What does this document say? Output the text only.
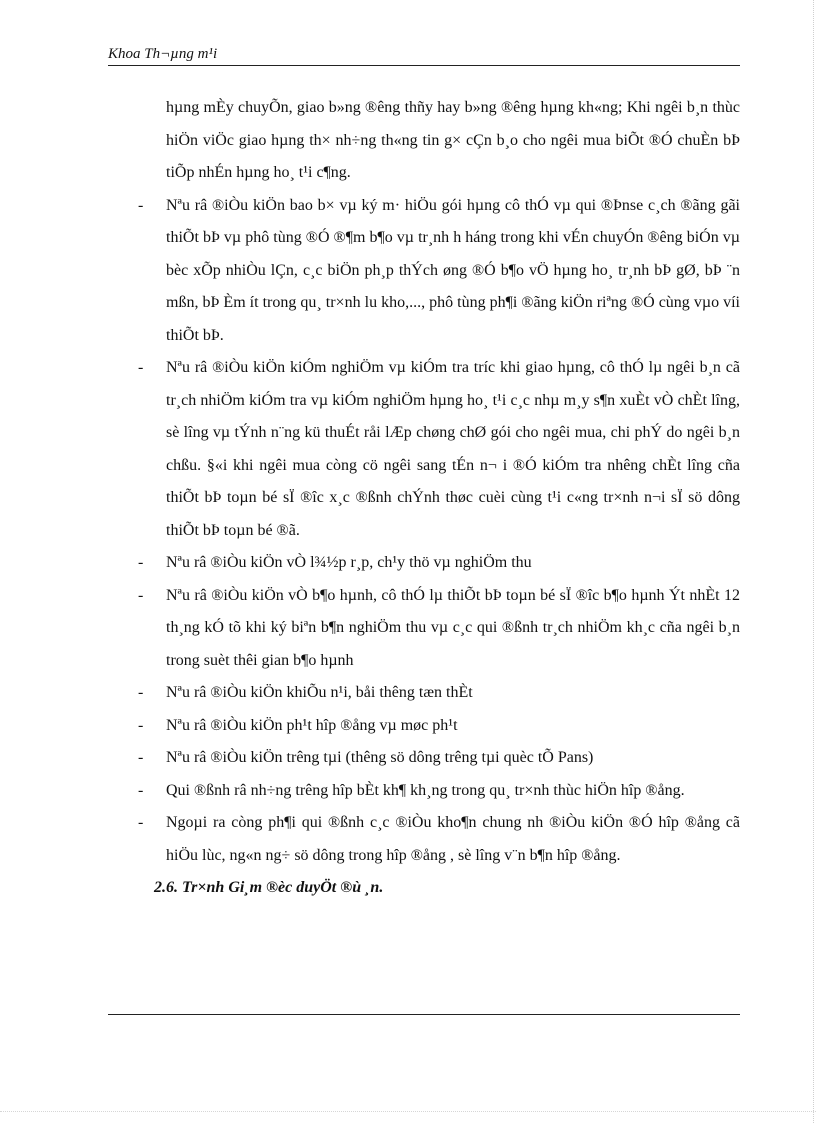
Khoa Th¬µng m¹i

hµng mÈy chuyÕn, giao b»ng ®êng thñy hay b»ng ®êng hµng kh«ng; Khi ngêi b¸n thùc hiÖn viÖc giao hµng th× nh÷ng th«ng tin g× cÇn b¸o cho ngêi mua biÕt ®Ó chuÈn bÞ tiÕp nhÉn hµng ho¸ t¹i c¶ng.

-	Nªu râ ®iÒu kiÖn bao b× vµ ký m· hiÖu gói hµng cô thÓ vµ qui ®Þnse c¸ch ®ãng gãi thiÕt bÞ vµ phô tùng ®Ó ®¶m b¶o vµ tr¸nh h háng trong khi vÉn chuyÓn ®êng biÓn vµ bèc xÕp nhiÒu lÇn, c¸c biÖn ph¸p thÝch øng ®Ó b¶o vÖ hµng ho¸ tr¸nh bÞ gØ, bÞ ¨n mßn, bÞ Èm ít trong qu¸ tr×nh lu kho,..., phô tùng ph¶i ®ãng kiÖn riªng ®Ó cùng vµo víi thiÕt bÞ.
-	Nªu râ ®iÒu kiÖn kiÓm nghiÖm vµ kiÓm tra tríc khi giao hµng, cô thÓ lµ ngêi b¸n cã tr¸ch nhiÖm kiÓm tra vµ kiÓm nghiÖm hµng ho¸ t¹i c¸c nhµ m¸y s¶n xuÈt vÒ chÈt lîng, sè lîng vµ tÝnh n¨ng kü thuÉt råi lÆp chøng chØ gói cho ngêi mua, chi phÝ do ngêi b¸n chßu. §«i khi ngêi mua còng cö ngêi sang tÉn n¬ i ®Ó kiÓm tra nhêng chÈt lîng cña thiÕt bÞ toµn bé sÏ ®îc x¸c ®ßnh chÝnh thøc cuèi cùng t¹i c«ng tr×nh n¬i sÏ sö dông thiÕt bÞ toµn bé ®ã.
-	Nªu râ ®iÒu kiÖn vÒ l¾½p r¸p, ch¹y thö vµ nghiÖm thu
-	Nªu râ ®iÒu kiÖn vÒ b¶o hµnh, cô thÓ lµ thiÕt bÞ toµn bé sÏ ®îc b¶o hµnh Ýt nhÈt 12 th¸ng kÓ tõ khi ký biªn b¶n nghiÖm thu vµ c¸c qui ®ßnh tr¸ch nhiÖm kh¸c cña ngêi b¸n trong suèt thêi gian b¶o hµnh
-	Nªu râ ®iÒu kiÖn khiÕu n¹i, båi thêng tæn thÈt
-	Nªu râ ®iÒu kiÖn ph¹t hîp ®ång vµ møc ph¹t
-	Nªu râ ®iÒu kiÖn trêng tµi (thêng sö dông trêng tµi quèc tÕ Pans)
-	Qui ®ßnh râ nh÷ng trêng hîp bÈt kh¶ kh¸ng trong qu¸ tr×nh thùc hiÖn hîp ®ång.
-	Ngoµi ra còng ph¶i qui ®ßnh c¸c ®iÒu kho¶n chung nh ®iÒu kiÖn ®Ó hîp ®ång cã hiÖu lùc, ng«n ng÷ sö dông trong hîp ®ång , sè lîng v¨n b¶n hîp ®ång.

2.6. Tr×nh Gi¸m ®èc duyÖt ®ù ¸n.
